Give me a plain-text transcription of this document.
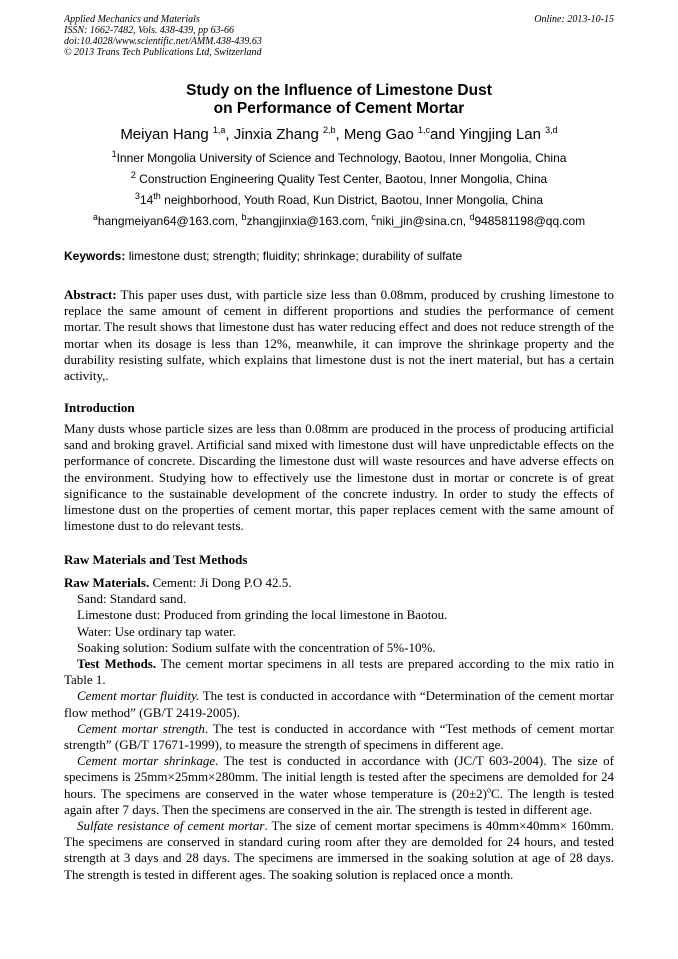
Applied Mechanics and Materials
ISSN: 1662-7482, Vols. 438-439, pp 63-66
doi:10.4028/www.scientific.net/AMM.438-439.63
© 2013 Trans Tech Publications Ltd, Switzerland
Online: 2013-10-15
Study on the Influence of Limestone Dust
on Performance of Cement Mortar
Meiyan Hang $^{1,a}$, Jinxia Zhang $^{2,b}$, Meng Gao $^{1,c}$and Yingjing Lan $^{3,d}$
$^1$Inner Mongolia University of Science and Technology, Baotou, Inner Mongolia, China
$^2$ Construction Engineering Quality Test Center, Baotou, Inner Mongolia, China
$^3$14th neighborhood, Youth Road, Kun District, Baotou, Inner Mongolia, China
$^a$hangmeiyan64@163.com, $^b$zhangjinxia@163.com, $^c$niki_jin@sina.cn, $^d$948581198@qq.com
Keywords: limestone dust; strength; fluidity; shrinkage; durability of sulfate

Abstract: This paper uses dust, with particle size less than 0.08mm, produced by crushing limestone to replace the same amount of cement in different proportions and studies the performance of cement mortar. The result shows that limestone dust has water reducing effect and does not reduce strength of the mortar when its dosage is less than 12%, meanwhile, it can improve the shrinkage property and the durability resisting sulfate, which explains that limestone dust is not the inert material, but has a certain activity,.

Introduction

Many dusts whose particle sizes are less than 0.08mm are produced in the process of producing artificial sand and broking gravel. Artificial sand mixed with limestone dust will have unpredictable effects on the performance of concrete. Discarding the limestone dust will waste resources and have adverse effects on the environment. Studying how to effectively use the limestone dust in mortar or concrete is of great significance to the sustainable development of the concrete industry. In order to study the effects of limestone dust on the properties of cement mortar, this paper replaces cement with the same amount of limestone dust to do relevant tests.

Raw Materials and Test Methods

Raw Materials. Cement: Ji Dong P.O 42.5.

Sand: Standard sand.

Limestone dust: Produced from grinding the local limestone in Baotou.

Water: Use ordinary tap water.

Soaking solution: Sodium sulfate with the concentration of 5%-10%.

Test Methods. The cement mortar specimens in all tests are prepared according to the mix ratio in Table 1.

Cement mortar fluidity. The test is conducted in accordance with “Determination of the cement mortar flow method” (GB/T 2419-2005).

Cement mortar strength. The test is conducted in accordance with “Test methods of cement mortar strength” (GB/T 17671-1999), to measure the strength of specimens in different age.

Cement mortar shrinkage. The test is conducted in accordance with (JC/T 603-2004). The size of specimens is 25mm×25mm×280mm. The initial length is tested after the specimens are demolded for 24 hours. The specimens are conserved in the water whose temperature is $(20\pm 2)^oC$. The length is tested again after 7 days. Then the specimens are conserved in the air. The strength is tested in different age.

Sulfate resistance of cement mortar. The size of cement mortar specimens is 40mm×40mm× 160mm. The specimens are conserved in standard curing room after they are demolded for 24 hours, and tested strength at 3 days and 28 days. The specimens are immersed in the soaking solution at age of 28 days. The strength is tested in different ages. The soaking solution is replaced once a month.
